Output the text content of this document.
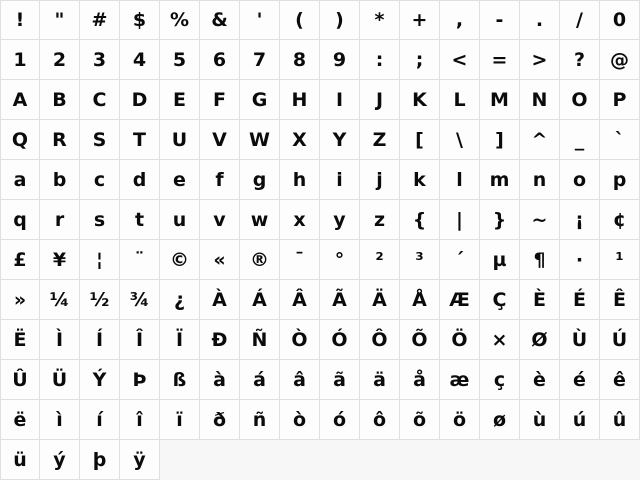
!	"	#	$	%	&	'	(	)	*	+	,	-	.	/	0
1	2	3	4	5	6	7	8	9	:	;	<	=	>	?	@
A	B	C	D	E	F	G	H	I	J	K	L	M	N	O	P
Q	R	S	T	U	V	W	X	Y	Z	[	\	]	^	_	`
a	b	c	d	e	f	g	h	i	j	k	l	m	n	o	p
q	r	s	t	u	v	w	x	y	z	{	|	}	~	¡	¢
£	¥	¦	¨	©	«	®	¯	°	²	³	´	µ	¶	·	¹
»	¼	½	¾	¿	À	Á	Â	Ã	Ä	Å	Æ	Ç	È	É	Ê
Ë	Ì	Í	Î	Ï	Ð	Ñ	Ò	Ó	Ô	Õ	Ö	×	Ø	Ù	Ú
Û	Ü	Ý	Þ	ß	à	á	â	ã	ä	å	æ	ç	è	é	ê
ë	ì	í	î	ï	ð	ñ	ò	ó	ô	õ	ö	ø	ù	ú	û
ü	ý	þ	ÿ
